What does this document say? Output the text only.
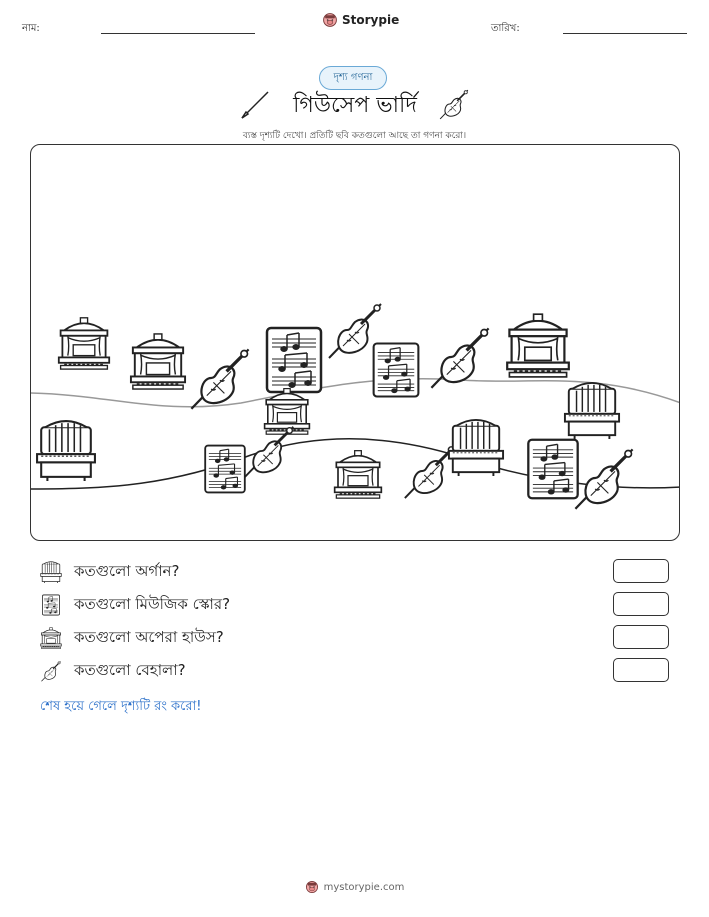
নাম:
Storypie
তারিখ:
দৃশ্য গণনা
গিউসেপ ভার্দি
ব্যস্ত দৃশ্যটি দেখো। প্রতিটি ছবি কতগুলো আছে তা গণনা করো।
কতগুলো অর্গান?
কতগুলো মিউজিক স্কোর?
কতগুলো অপেরা হাউস?
কতগুলো বেহালা?
শেষ হয়ে গেলে দৃশ্যটি রং করো!
mystorypie.com
